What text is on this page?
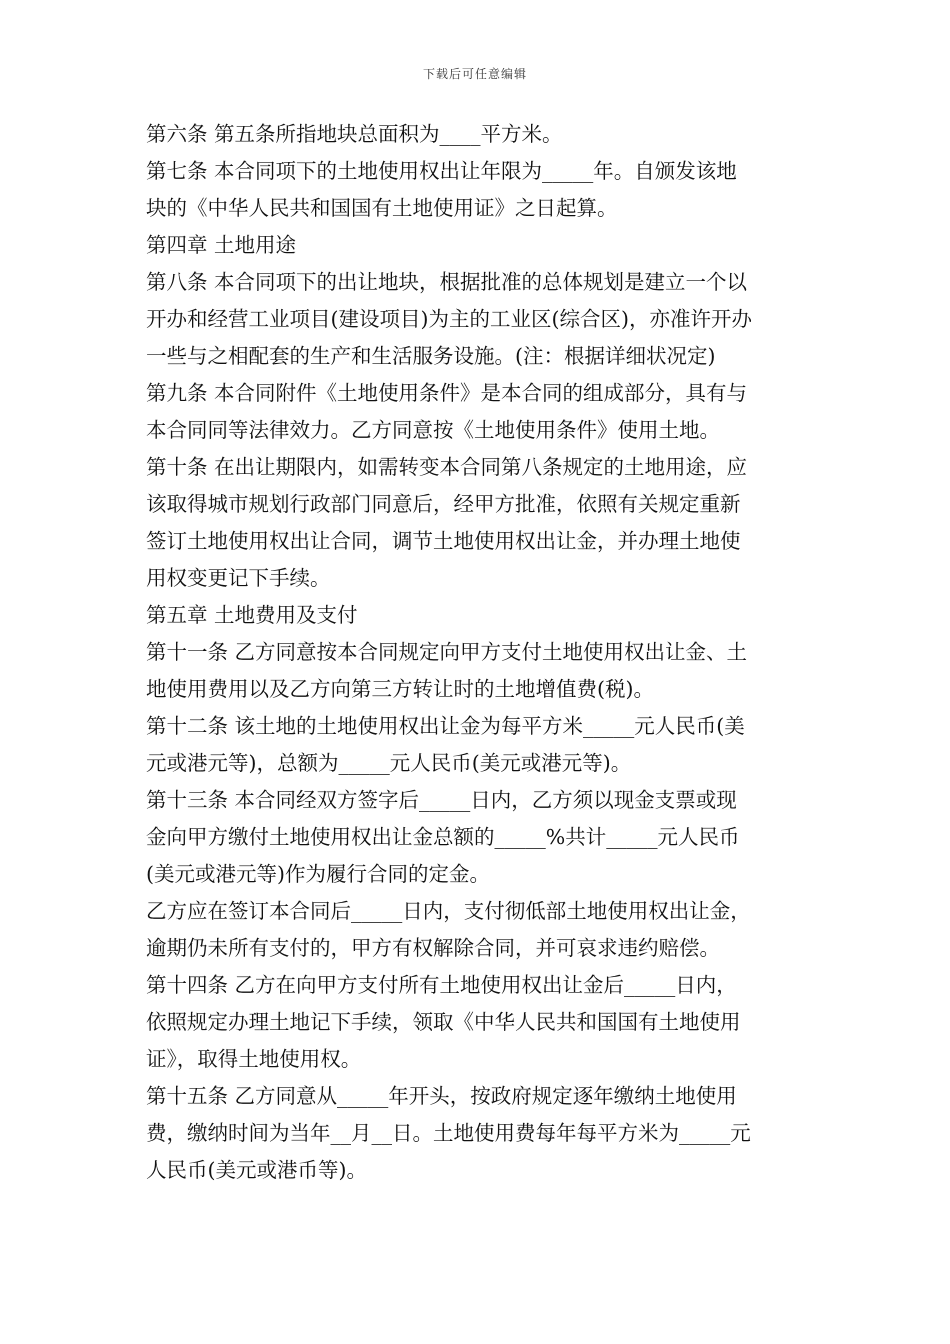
下载后可任意编辑
第六条 第五条所指地块总面积为____平方米。
第七条 本合同项下的土地使用权出让年限为_____年。自颁发该地
块的《中华人民共和国国有土地使用证》之日起算。
第四章 土地用途
第八条 本合同项下的出让地块，根据批准的总体规划是建立一个以
开办和经营工业项目(建设项目)为主的工业区(综合区)，亦准许开办
一些与之相配套的生产和生活服务设施。(注：根据详细状况定)
第九条 本合同附件《土地使用条件》是本合同的组成部分，具有与
本合同同等法律效力。乙方同意按《土地使用条件》使用土地。
第十条 在出让期限内，如需转变本合同第八条规定的土地用途，应
该取得城市规划行政部门同意后，经甲方批准，依照有关规定重新
签订土地使用权出让合同，调节土地使用权出让金，并办理土地使
用权变更记下手续。
第五章 土地费用及支付
第十一条 乙方同意按本合同规定向甲方支付土地使用权出让金、土
地使用费用以及乙方向第三方转让时的土地增值费(税)。
第十二条 该土地的土地使用权出让金为每平方米_____元人民币(美
元或港元等)，总额为_____元人民币(美元或港元等)。
第十三条 本合同经双方签字后_____日内，乙方须以现金支票或现
金向甲方缴付土地使用权出让金总额的_____%共计_____元人民币
(美元或港元等)作为履行合同的定金。
乙方应在签订本合同后_____日内，支付彻低部土地使用权出让金，
逾期仍未所有支付的，甲方有权解除合同，并可哀求违约赔偿。
第十四条 乙方在向甲方支付所有土地使用权出让金后_____日内，
依照规定办理土地记下手续，领取《中华人民共和国国有土地使用
证》，取得土地使用权。
第十五条 乙方同意从_____年开头，按政府规定逐年缴纳土地使用
费，缴纳时间为当年__月__日。土地使用费每年每平方米为_____元
人民币(美元或港币等)。
